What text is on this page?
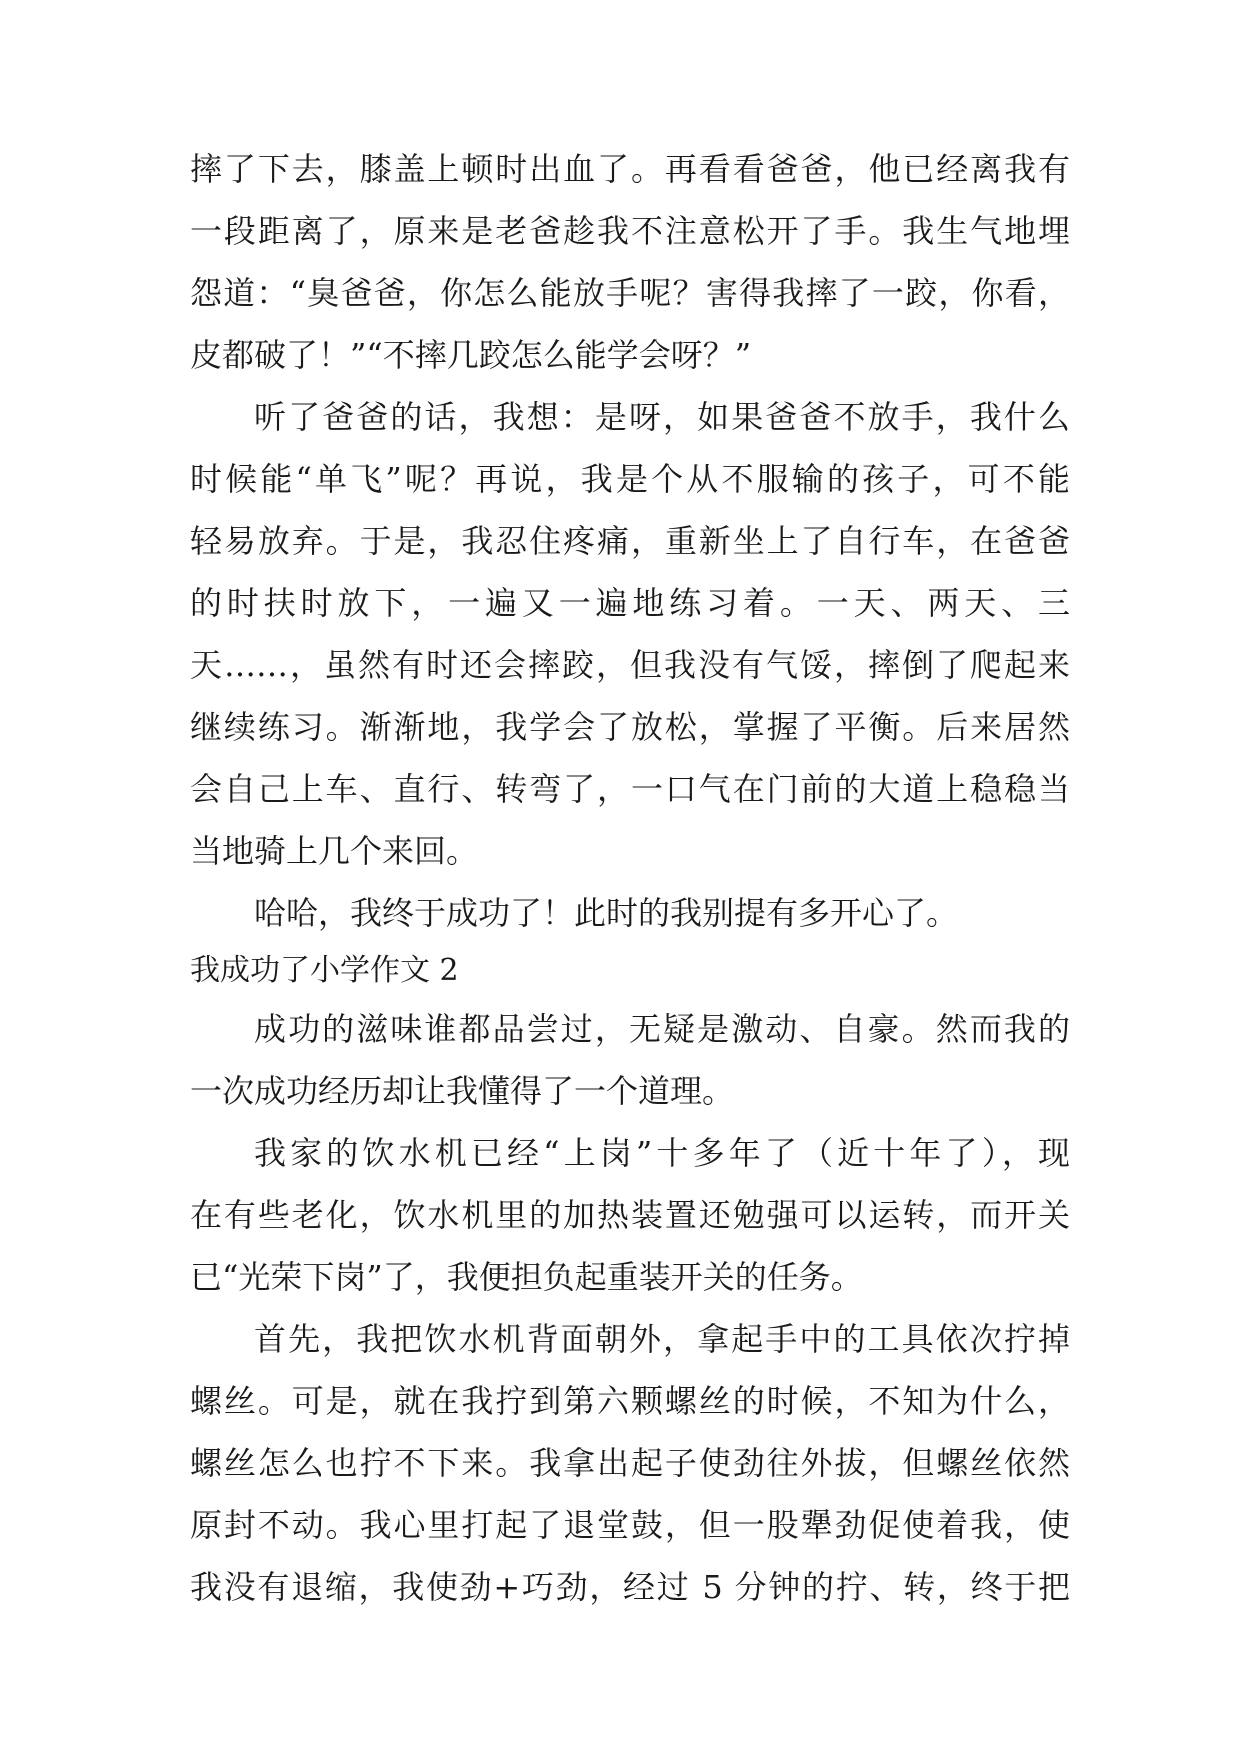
摔了下去，膝盖上顿时出血了。再看看爸爸，他已经离我有
一段距离了，原来是老爸趁我不注意松开了手。我生气地埋
怨道：“臭爸爸，你怎么能放手呢？害得我摔了一跤，你看，
皮都破了！”“不摔几跤怎么能学会呀？”
听了爸爸的话，我想：是呀，如果爸爸不放手，我什么
时候能“单飞”呢？再说，我是个从不服输的孩子，可不能
轻易放弃。于是，我忍住疼痛，重新坐上了自行车，在爸爸
的时扶时放下，一遍又一遍地练习着。一天、两天、三
天……，虽然有时还会摔跤，但我没有气馁，摔倒了爬起来
继续练习。渐渐地，我学会了放松，掌握了平衡。后来居然
会自己上车、直行、转弯了，一口气在门前的大道上稳稳当
当地骑上几个来回。
哈哈，我终于成功了！此时的我别提有多开心了。
我成功了小学作文 2
成功的滋味谁都品尝过，无疑是激动、自豪。然而我的
一次成功经历却让我懂得了一个道理。
我家的饮水机已经“上岗”十多年了（近十年了），现
在有些老化，饮水机里的加热装置还勉强可以运转，而开关
已“光荣下岗”了，我便担负起重装开关的任务。
首先，我把饮水机背面朝外，拿起手中的工具依次拧掉
螺丝。可是，就在我拧到第六颗螺丝的时候，不知为什么，
螺丝怎么也拧不下来。我拿出起子使劲往外拔，但螺丝依然
原封不动。我心里打起了退堂鼓，但一股犟劲促使着我，使
我没有退缩，我使劲+巧劲，经过 5 分钟的拧、转，终于把
